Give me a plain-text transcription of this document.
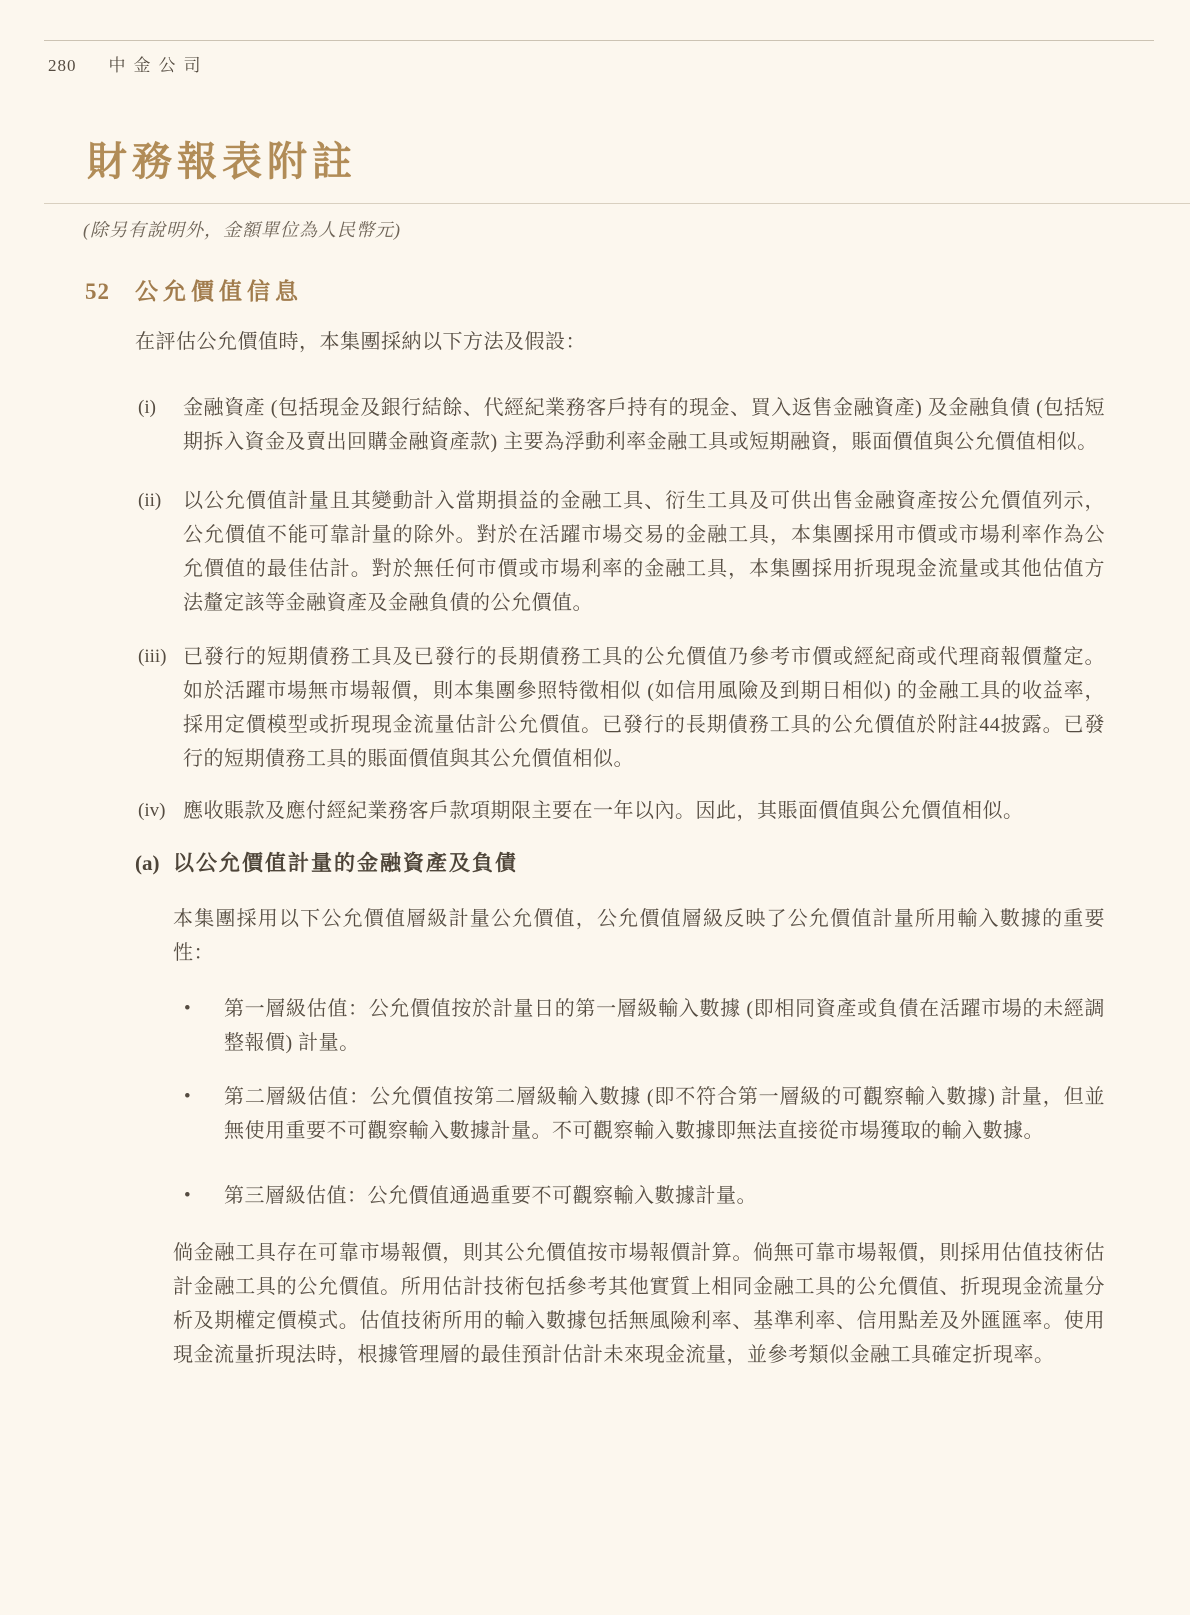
280 中金公司
財務報表附註
(除另有說明外，金額單位為人民幣元)
52	公允價值信息

在評估公允價值時，本集團採納以下方法及假設：

(i)	金融資產 (包括現金及銀行結餘、代經紀業務客戶持有的現金、買入返售金融資產) 及金融負債 (包括短期拆入資金及賣出回購金融資產款) 主要為浮動利率金融工具或短期融資，賬面價值與公允價值相似。

(ii)	以公允價值計量且其變動計入當期損益的金融工具、衍生工具及可供出售金融資產按公允價值列示，公允價值不能可靠計量的除外。對於在活躍市場交易的金融工具，本集團採用市價或市場利率作為公允價值的最佳估計。對於無任何市價或市場利率的金融工具，本集團採用折現現金流量或其他估值方法釐定該等金融資產及金融負債的公允價值。

(iii) 已發行的短期債務工具及已發行的長期債務工具的公允價值乃參考市價或經紀商或代理商報價釐定。如於活躍市場無市場報價，則本集團參照特徵相似 (如信用風險及到期日相似) 的金融工具的收益率，採用定價模型或折現現金流量估計公允價值。已發行的長期債務工具的公允價值於附註44披露。已發行的短期債務工具的賬面價值與其公允價值相似。

(iv) 應收賬款及應付經紀業務客戶款項期限主要在一年以內。因此，其賬面價值與公允價值相似。

(a) 以公允價值計量的金融資產及負債

本集團採用以下公允價值層級計量公允價值，公允價值層級反映了公允價值計量所用輸入數據的重要性：

•	第一層級估值：公允價值按於計量日的第一層級輸入數據 (即相同資產或負債在活躍市場的未經調整報價) 計量。

•	第二層級估值：公允價值按第二層級輸入數據 (即不符合第一層級的可觀察輸入數據) 計量，但並無使用重要不可觀察輸入數據計量。不可觀察輸入數據即無法直接從市場獲取的輸入數據。

•	第三層級估值：公允價值通過重要不可觀察輸入數據計量。

倘金融工具存在可靠市場報價，則其公允價值按市場報價計算。倘無可靠市場報價，則採用估值技術估計金融工具的公允價值。所用估計技術包括參考其他實質上相同金融工具的公允價值、折現現金流量分析及期權定價模式。估值技術所用的輸入數據包括無風險利率、基準利率、信用點差及外匯匯率。使用現金流量折現法時，根據管理層的最佳預計估計未來現金流量，並參考類似金融工具確定折現率。
